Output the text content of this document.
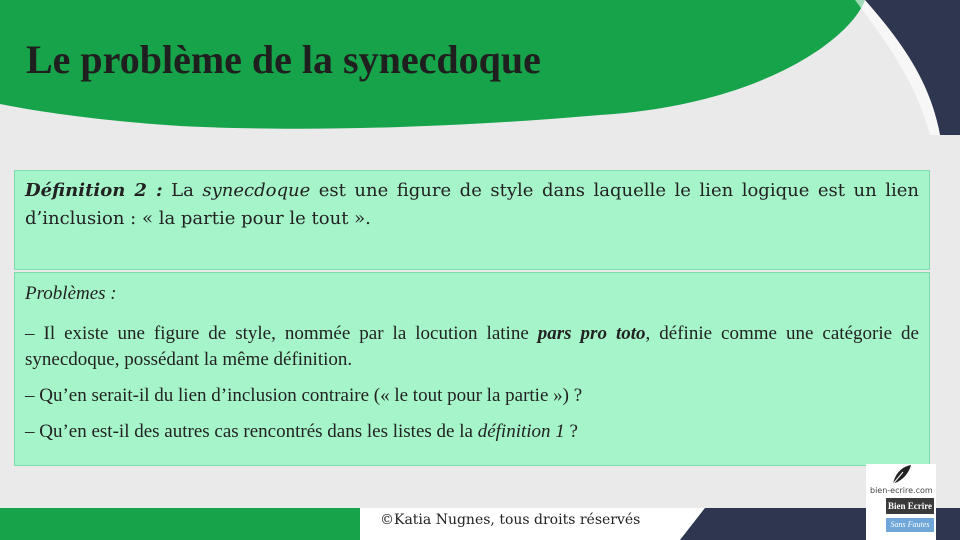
Le problème de la synecdoque

Définition 2 : La synecdoque est une figure de style dans laquelle le lien logique est un lien d’inclusion : « la partie pour le tout ».

Problèmes :

– Il existe une figure de style, nommée par la locution latine pars pro toto, définie comme une catégorie de synecdoque, possédant la même définition.

– Qu’en serait-il du lien d’inclusion contraire (« le tout pour la partie ») ?

– Qu’en est-il des autres cas rencontrés dans les listes de la définition 1 ?

©Katia Nugnes, tous droits réservés
bien-ecrire.com
Bien Ecrire
Sans Fautes
